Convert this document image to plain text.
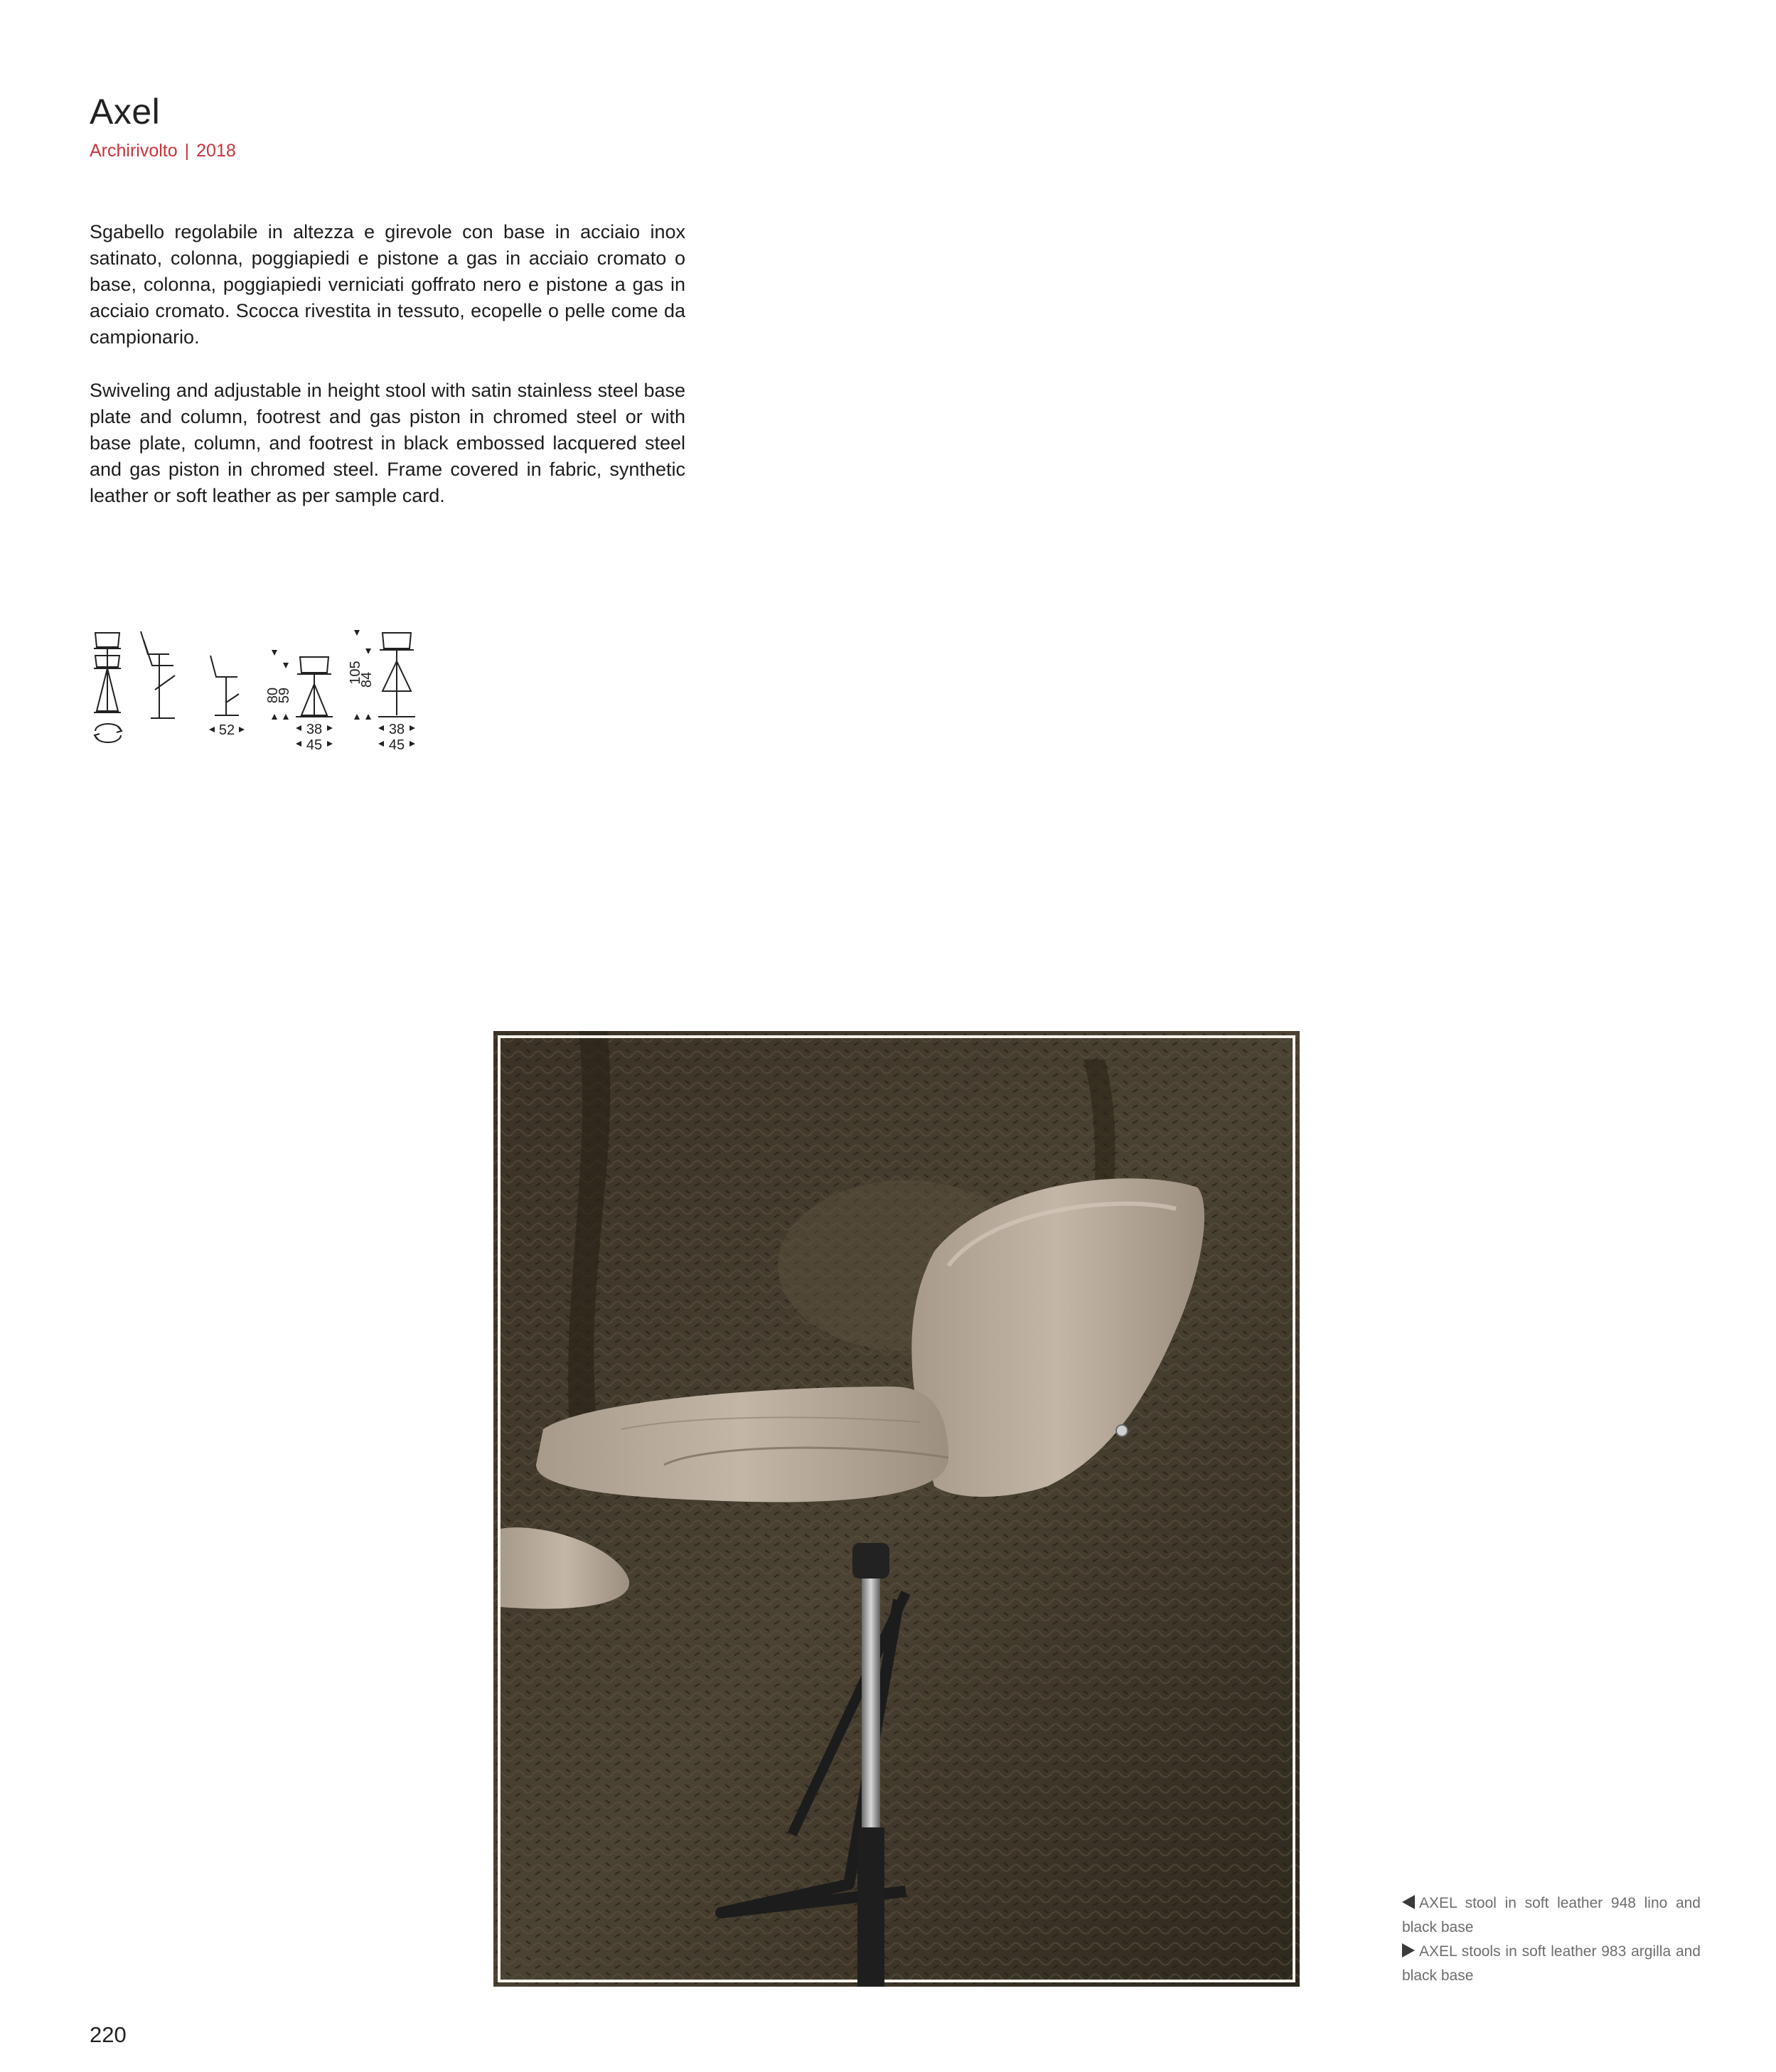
Axel
Archirivolto | 2018

Sgabello regolabile in altezza e girevole con base in acciaio inox satinato, colonna, poggiapiedi e pistone a gas in acciaio cromato o base, colonna, poggiapiedi verniciati goffrato nero e pistone a gas in acciaio cromato. Scocca rivestita in tessuto, ecopelle o pelle come da campionario.

Swiveling and adjustable in height stool with satin stainless steel base plate and column, footrest and gas piston in chromed steel or with base plate, column, and footrest in black embossed lacquered steel and gas piston in chromed steel. Frame covered in fabric, synthetic leather or soft leather as per sample card.

52
80
59
38
45
105
84
38
45

AXEL stool in soft leather 948 lino and black base

AXEL stools in soft leather 983 argilla and black base

220
